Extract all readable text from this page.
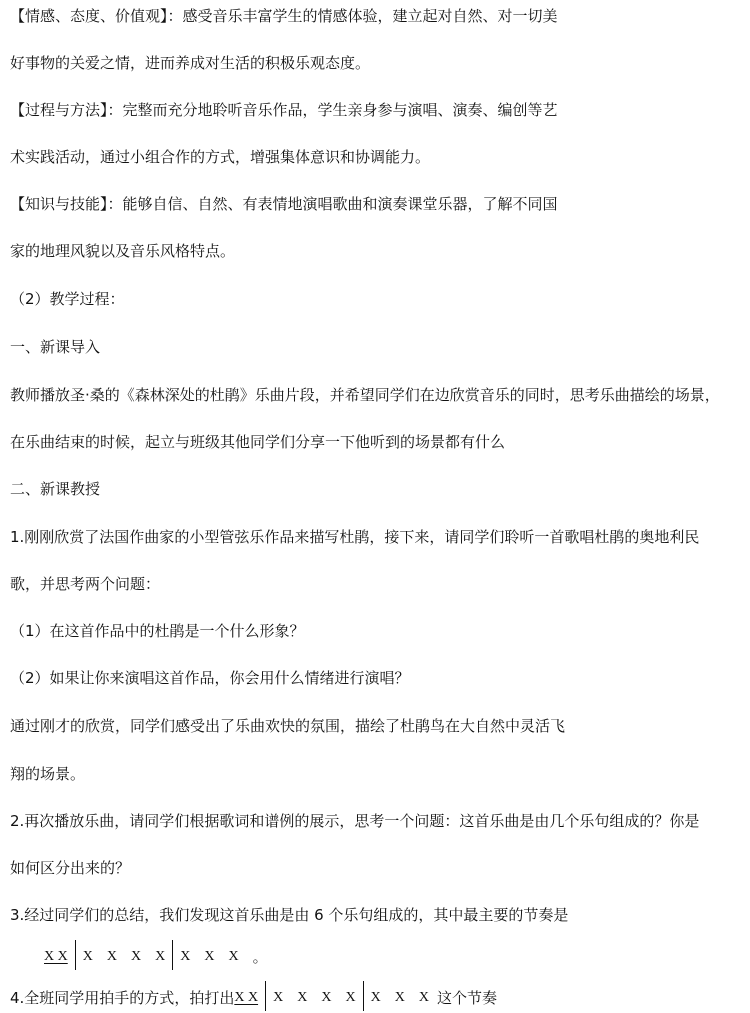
【情感、态度、价值观】：感受音乐丰富学生的情感体验，建立起对自然、对一切美
好事物的关爱之情，进而养成对生活的积极乐观态度。
【过程与方法】：完整而充分地聆听音乐作品，学生亲身参与演唱、演奏、编创等艺
术实践活动，通过小组合作的方式，增强集体意识和协调能力。
【知识与技能】：能够自信、自然、有表情地演唱歌曲和演奏课堂乐器，了解不同国
家的地理风貌以及音乐风格特点。
（2）教学过程：
一、新课导入
教师播放圣·桑的《森林深处的杜鹃》乐曲片段，并希望同学们在边欣赏音乐的同时，思考乐曲描绘的场景，
在乐曲结束的时候，起立与班级其他同学们分享一下他听到的场景都有什么
二、新课教授
1.刚刚欣赏了法国作曲家的小型管弦乐作品来描写杜鹃，接下来，请同学们聆听一首歌唱杜鹃的奥地利民
歌，并思考两个问题：
（1）在这首作品中的杜鹃是一个什么形象？
（2）如果让你来演唱这首作品，你会用什么情绪进行演唱？
通过刚才的欣赏，同学们感受出了乐曲欢快的氛围，描绘了杜鹃鸟在大自然中灵活飞
翔的场景。
2.再次播放乐曲，请同学们根据歌词和谱例的展示，思考一个问题：这首乐曲是由几个乐句组成的？你是
如何区分出来的？
3.经过同学们的总结，我们发现这首乐曲是由 6 个乐句组成的，其中最主要的节奏是
X X X X X X X X X 。
4.全班同学用拍手的方式，拍打出 X X X X X X X X X 这个节奏
